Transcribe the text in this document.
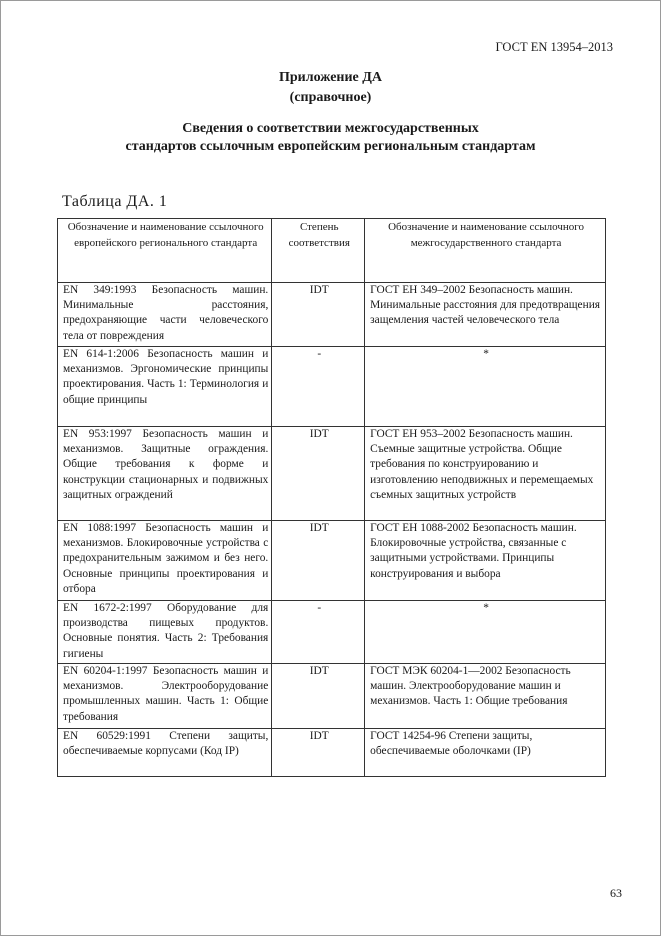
ГОСТ EN 13954–2013
Приложение ДА
(справочное)
Сведения о соответствии межгосударственных
стандартов ссылочным европейским региональным стандартам
Таблица ДА. 1
Обозначение и наименование ссылочного европейского регионального стандарта	Степень соответствия	Обозначение и наименование ссылочного межгосударственного стандарта
EN 349:1993 Безопасность машин. Минимальные расстояния, предохраняющие части человеческого тела от повреждения	IDT	ГОСТ ЕН 349–2002 Безопасность машин. Минимальные расстояния для предотвращения защемления частей человеческого тела
EN 614-1:2006 Безопасность машин и механизмов. Эргономические принципы проектирования. Часть 1: Терминология и общие принципы	-	*
EN 953:1997 Безопасность машин и механизмов. Защитные ограждения. Общие требования к форме и конструкции стационарных и подвижных защитных ограждений	IDT	ГОСТ ЕН 953–2002 Безопасность машин. Съемные защитные устройства. Общие требования по конструированию и изготовлению неподвижных и перемещаемых съемных защитных устройств
EN 1088:1997 Безопасность машин и механизмов. Блокировочные устройства с предохранительным зажимом и без него. Основные принципы проектирования и отбора	IDT	ГОСТ ЕН 1088-2002 Безопасность машин. Блокировочные устройства, связанные с защитными устройствами. Принципы конструирования и выбора
EN 1672-2:1997 Оборудование для производства пищевых продуктов. Основные понятия. Часть 2: Требования гигиены	-	*
EN 60204-1:1997 Безопасность машин и механизмов. Электрооборудование промышленных машин. Часть 1: Общие требования	IDT	ГОСТ МЭК 60204-1—2002 Безопасность машин. Электрооборудование машин и механизмов. Часть 1: Общие требования
EN 60529:1991 Степени защиты, обеспечиваемые корпусами (Код IP)	IDT	ГОСТ 14254-96 Степени защиты, обеспечиваемые оболочками (IP)
63
